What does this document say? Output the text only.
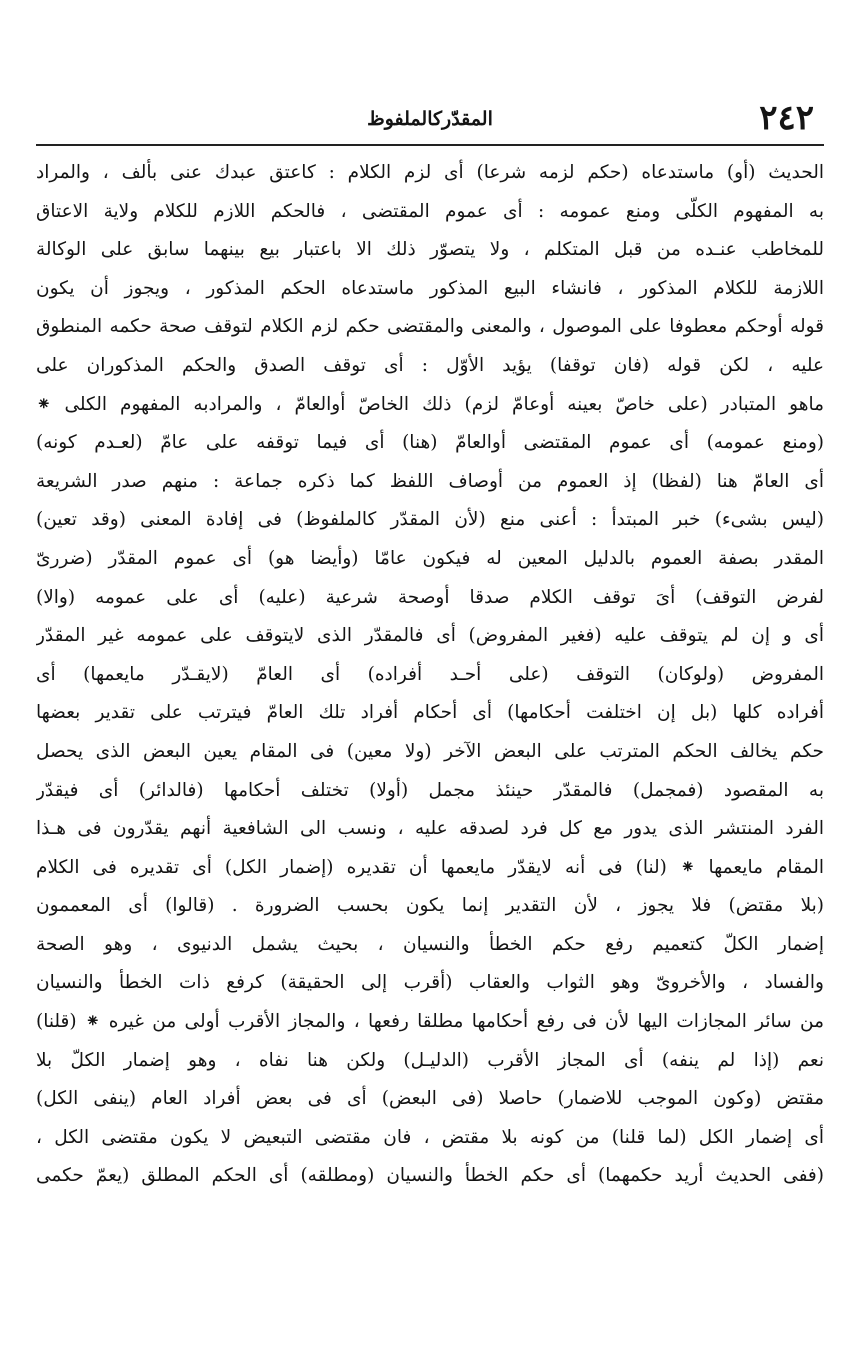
٢٤٢
المقدّركالملفوظ
الحديث (أو) ماستدعاه (حكم لزمه شرعا) أى لزم الكلام : كاعتق عبدك عنى بألف ، والمراد
به المفهوم الكلّى ومنع عمومه : أى عموم المقتضى ، فالحكم اللازم للكلام ولاية الاعتاق
للمخاطب عنـده من قبل المتكلم ، ولا يتصوّر ذلك الا باعتبار بيع بينهما سابق على الوكالة
اللازمة للكلام المذكور ، فانشاء البيع المذكور ماستدعاه الحكم المذكور ، ويجوز أن يكون
قوله أوحكم معطوفا على الموصول ، والمعنى والمقتضى حكم لزم الكلام لتوقف صحة حكمه المنطوق
عليه ، لكن قوله (فان توقفا) يؤيد الأوّل : أى توقف الصدق والحكم المذكوران على
ماهو المتبادر (على خاصّ بعينه أوعامّ لزم) ذلك الخاصّ أوالعامّ ، والمرادبه المفهوم الكلى ⁕
(ومنع عمومه) أى عموم المقتضى أوالعامّ (هنا) أى فيما توقفه على عامّ (لعـدم كونه)
أى العامّ هنا (لفظا) إذ العموم من أوصاف اللفظ كما ذكره جماعة : منهم صدر الشريعة
(ليس بشىء) خبر المبتدأ : أعنى منع (لأن المقدّر كالملفوظ) فى إفادة المعنى (وقد تعين)
المقدر بصفة العموم بالدليل المعين له فيكون عامّا (وأيضا هو) أى عموم المقدّر (ضررىّ
لفرض التوقف) أىَ توقف الكلام صدقا أوصحة شرعية (عليه) أى على عمومه (والا)
أى و إن لم يتوقف عليه (فغير المفروض) أى فالمقدّر الذى لايتوقف على عمومه غير المقدّر
المفروض (ولوكان) التوقف (على أحـد أفراده) أى العامّ (لايقـدّر مايعمها) أى
أفراده كلها (بل إن اختلفت أحكامها) أى أحكام أفراد تلك العامّ فيترتب على تقدير بعضها
حكم يخالف الحكم المترتب على البعض الآخر (ولا معين) فى المقام يعين البعض الذى يحصل
به المقصود (فمجمل) فالمقدّر حينئذ مجمل (أولا) تختلف أحكامها (فالدائر) أى فيقدّر
الفرد المنتشر الذى يدور مع كل فرد لصدقه عليه ، ونسب الى الشافعية أنهم يقدّرون فى هـذا
المقام مايعمها ⁕ (لنا) فى أنه لايقدّر مايعمها أن تقديره (إضمار الكل) أى تقديره فى الكلام
(بلا مقتض) فلا يجوز ، لأن التقدير إنما يكون بحسب الضرورة . (قالوا) أى المعممون
إضمار الكلّ كتعميم رفع حكم الخطأ والنسيان ، بحيث يشمل الدنيوى ، وهو الصحة
والفساد ، والأخروىّ وهو الثواب والعقاب (أقرب إلى الحقيقة) كرفع ذات الخطأ والنسيان
من سائر المجازات اليها لأن فى رفع أحكامها مطلقا رفعها ، والمجاز الأقرب أولى من غيره ⁕ (قلنا)
نعم (إذا لم ينفه) أى المجاز الأقرب (الدليـل) ولكن هنا نفاه ، وهو إضمار الكلّ بلا
مقتض (وكون الموجب للاضمار) حاصلا (فى البعض) أى فى بعض أفراد العام (ينفى الكل)
أى إضمار الكل (لما قلنا) من كونه بلا مقتض ، فان مقتضى التبعيض لا يكون مقتضى الكل ،
(ففى الحديث أريد حكمهما) أى حكم الخطأ والنسيان (ومطلقه) أى الحكم المطلق (يعمّ حكمى
